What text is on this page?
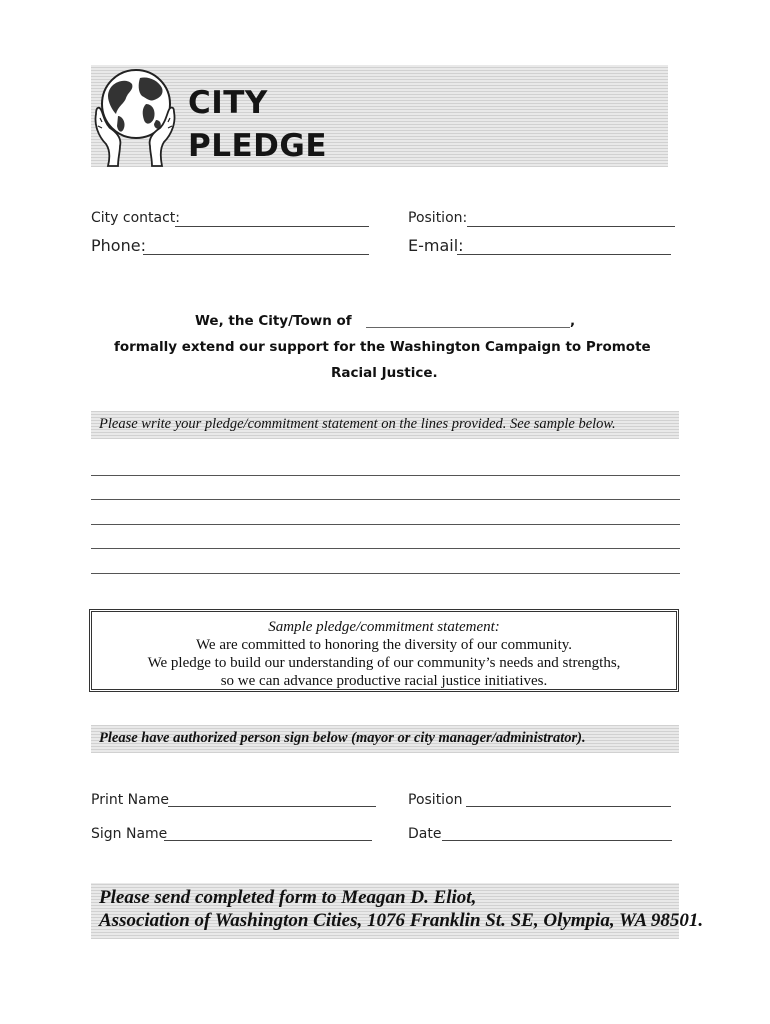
CITY
PLEDGE
City contact:	Position:
Phone:	E-mail:
We, the City/Town of	,
formally extend our support for the Washington Campaign to Promote
Racial Justice.
Please write your pledge/commitment statement on the lines provided. See sample below.
Sample pledge/commitment statement:
We are committed to honoring the diversity of our community.
We pledge to build our understanding of our community’s needs and strengths,
so we can advance productive racial justice initiatives.
Please have authorized person sign below (mayor or city manager/administrator).
Print Name	Position
Sign Name	Date
Please send completed form to Meagan D. Eliot,
Association of Washington Cities, 1076 Franklin St. SE, Olympia, WA 98501.
